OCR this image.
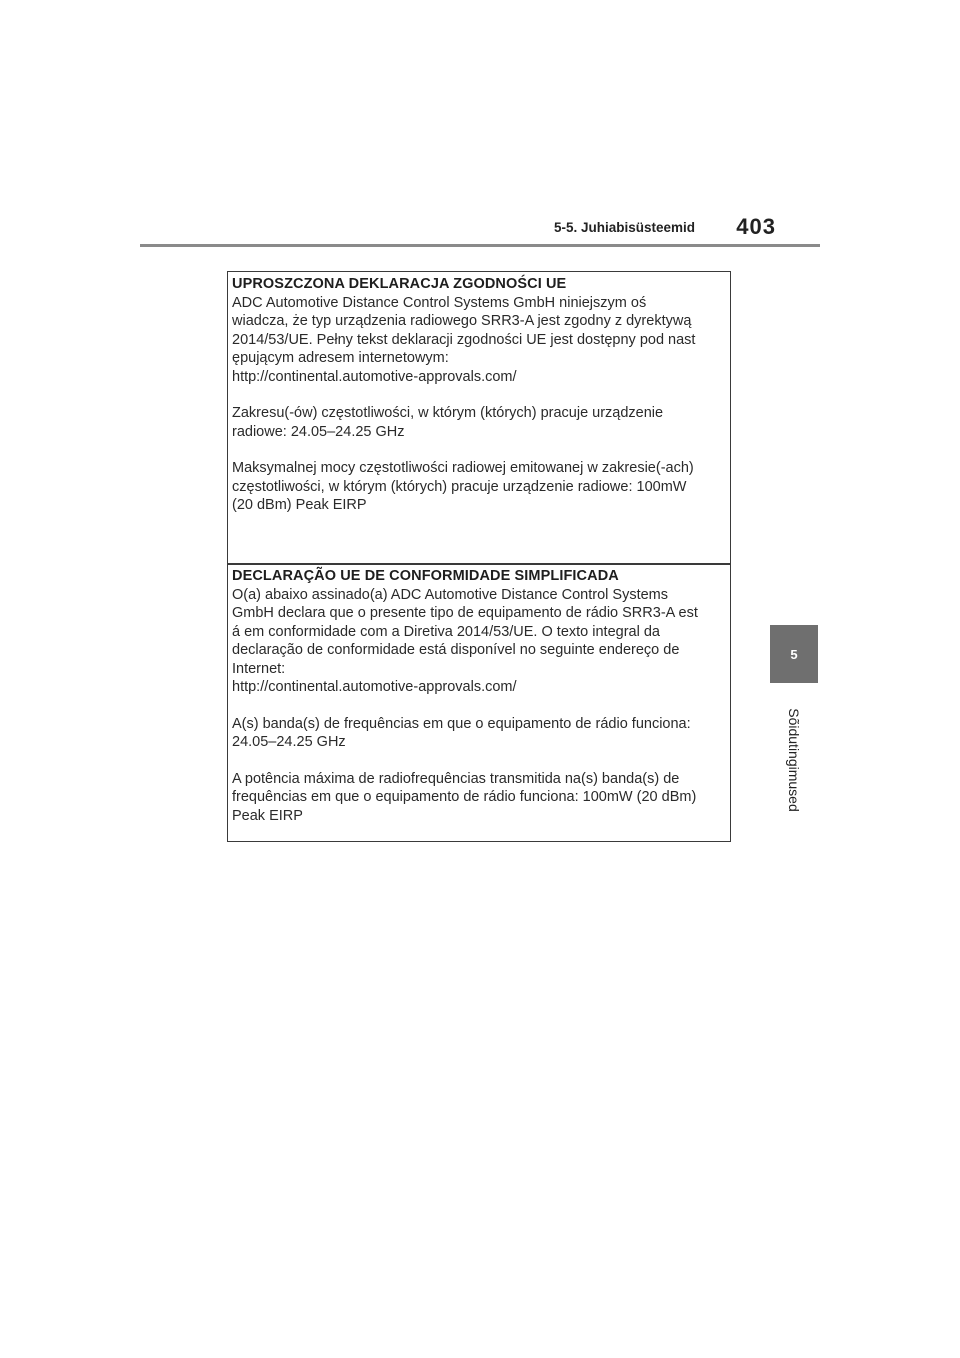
5-5. Juhiabisüsteemid 403
5
Sõidutingimused
UPROSZCZONA DEKLARACJA ZGODNOŚCI UE
ADC Automotive Distance Control Systems GmbH niniejszym oś
wiadcza, że typ urządzenia radiowego SRR3-A jest zgodny z dyrektywą
2014/53/UE. Pełny tekst deklaracji zgodności UE jest dostępny pod nast
ępującym adresem internetowym:
http://continental.automotive-approvals.com/
Zakresu(-ów) częstotliwości, w którym (których) pracuje urządzenie
radiowe: 24.05–24.25 GHz
Maksymalnej mocy częstotliwości radiowej emitowanej w zakresie(-ach)
częstotliwości, w którym (których) pracuje urządzenie radiowe: 100mW
(20 dBm) Peak EIRP
DECLARAÇÃO UE DE CONFORMIDADE SIMPLIFICADA
O(a) abaixo assinado(a) ADC Automotive Distance Control Systems
GmbH declara que o presente tipo de equipamento de rádio SRR3-A est
á em conformidade com a Diretiva 2014/53/UE. O texto integral da
declaração de conformidade está disponível no seguinte endereço de
Internet:
http://continental.automotive-approvals.com/
A(s) banda(s) de frequências em que o equipamento de rádio funciona:
24.05–24.25 GHz
A potência máxima de radiofrequências transmitida na(s) banda(s) de
frequências em que o equipamento de rádio funciona: 100mW (20 dBm)
Peak EIRP
